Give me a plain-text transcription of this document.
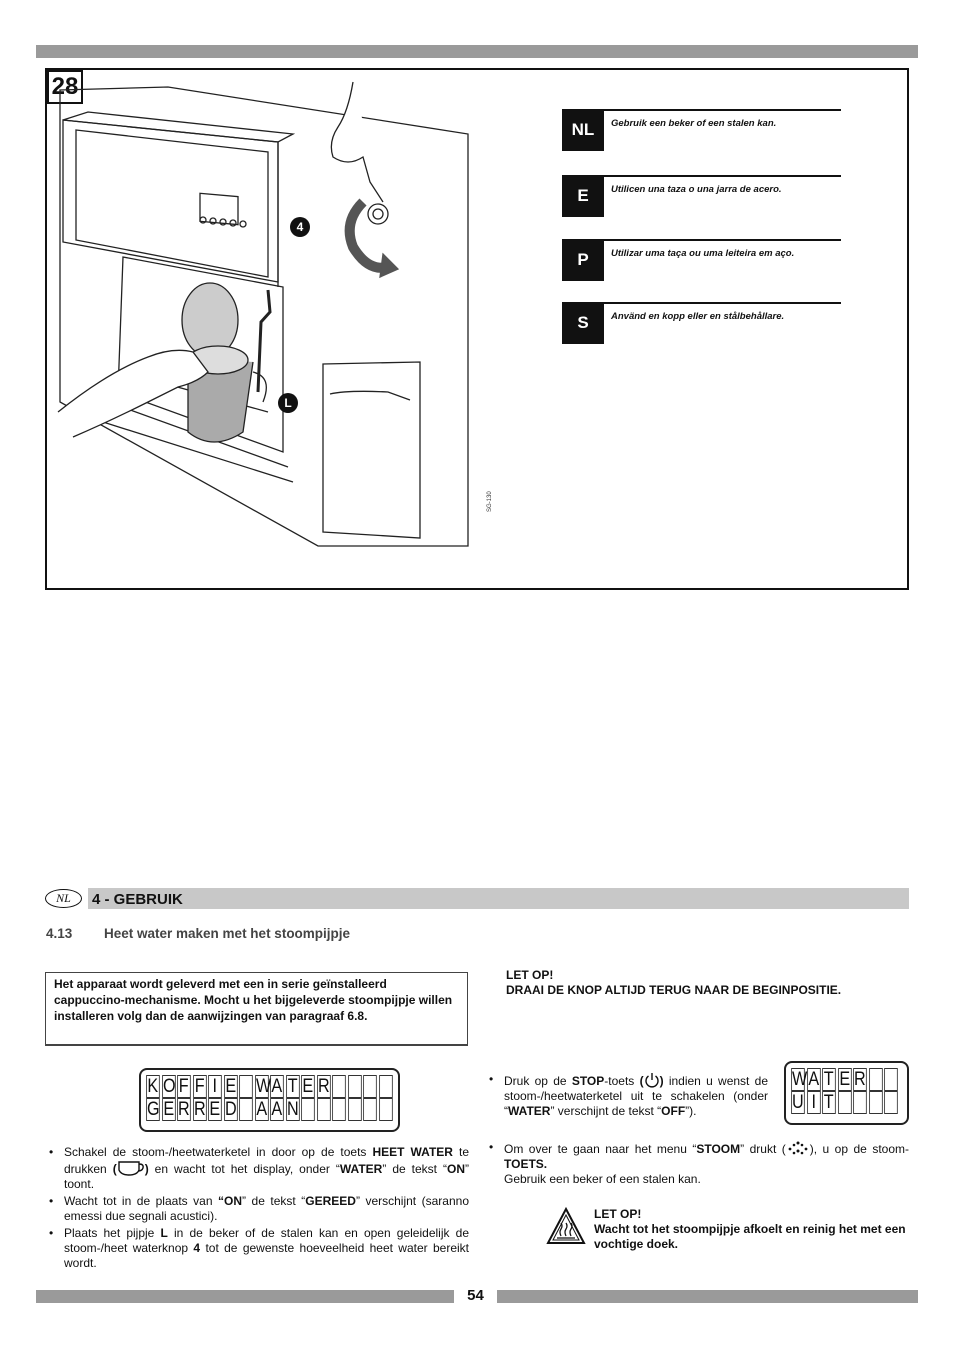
28
4
L
SG-130
NL	Gebruik een beker of een stalen kan.
E	Utilicen una taza o una jarra de acero.
P	Utilizar uma taça ou uma leiteira em aço.
S	Använd en kopp eller en stålbehållare.
NL	4 - GEBRUIK
4.13 Heet water maken met het stoompijpje
Het apparaat wordt geleverd met een in serie geïnstalleerd cappuccino-mechanisme. Mocht u het bijgeleverde stoompijpje willen installeren volg dan de aanwijzingen van paragraaf 6.8.
LET OP!
DRAAI DE KNOP ALTIJD TERUG NAAR DE BEGINPOSITIE.
K O F F I E W A T E R
G E R R E D A A N
W A T E R
U I T
• Schakel de stoom-/heetwaterketel in door op de toets HEET WATER te drukken ( ) en wacht tot het display, onder “WATER” de tekst “ON” toont.
• Wacht tot in de plaats van “ON” de tekst “GEREED” verschijnt (saranno emessi due segnali acustici).
• Plaats het pijpje L in de beker of de stalen kan en open geleidelijk de stoom-/heet waterknop 4 tot de gewenste hoeveelheid heet water bereikt wordt.
• Druk op de STOP-toets ( ) indien u wenst de stoom-/heetwaterketel uit te schakelen (onder “WATER” verschijnt de tekst “OFF”).
• Om over te gaan naar het menu “STOOM” drukt ( ), u op de stoom-TOETS.
Gebruik een beker of een stalen kan.
LET OP!
Wacht tot het stoompijpje afkoelt en reinig het met een vochtige doek.
54
